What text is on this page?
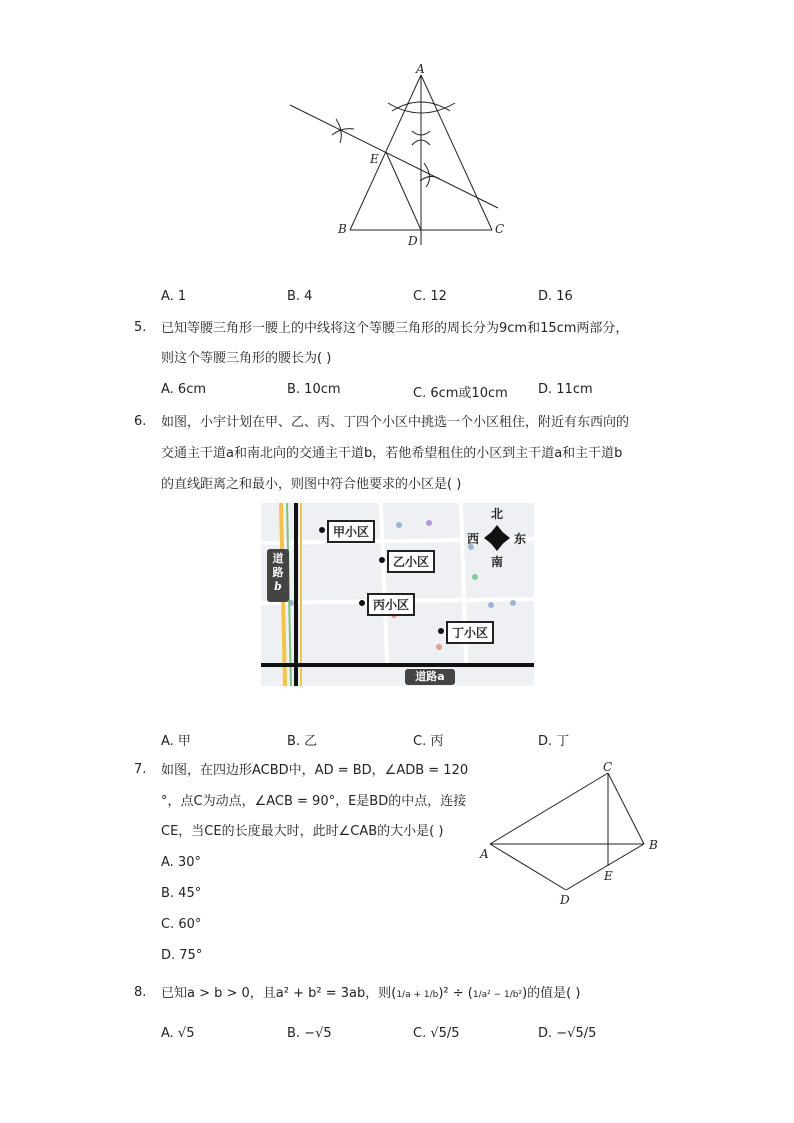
A
B	C
D
E
A. 1	B. 4	C. 12	D. 16
5. 已知等腰三角形一腰上的中线将这个等腰三角形的周长分为9cm和15cm两部分，
则这个等腰三角形的腰长为( )
A. 6cm	B. 10cm	C. 6cm或10cm D. 11cm
6. 如图，小宇计划在甲、乙、丙、丁四个小区中挑选一个小区租住，附近有东西向的
交通主干道a和南北向的交通主干道b，若他希望租住的小区到主干道a和主干道b
的直线距离之和最小，则图中符合他要求的小区是( )
甲小区
乙小区
丙小区
丁小区
道
路
b
道路a
北
南
西	东
A. 甲	B. 乙	C. 丙	D. 丁
7. 如图，在四边形ACBD中，AD = BD，∠ADB = 120
°，点C为动点，∠ACB = 90°，E是BD的中点，连接
CE，当CE的长度最大时，此时∠CAB的大小是( )
A. 30°
B. 45°
C. 60°
D. 75°
C
A
B
D
E
8. 已知a > b > 0，且a² + b² = 3ab，则(1/a + 1/b)² ÷ (1/a² − 1/b²)的值是( )
A. √5	B. −√5	C. √5/5	D. −√5/5
